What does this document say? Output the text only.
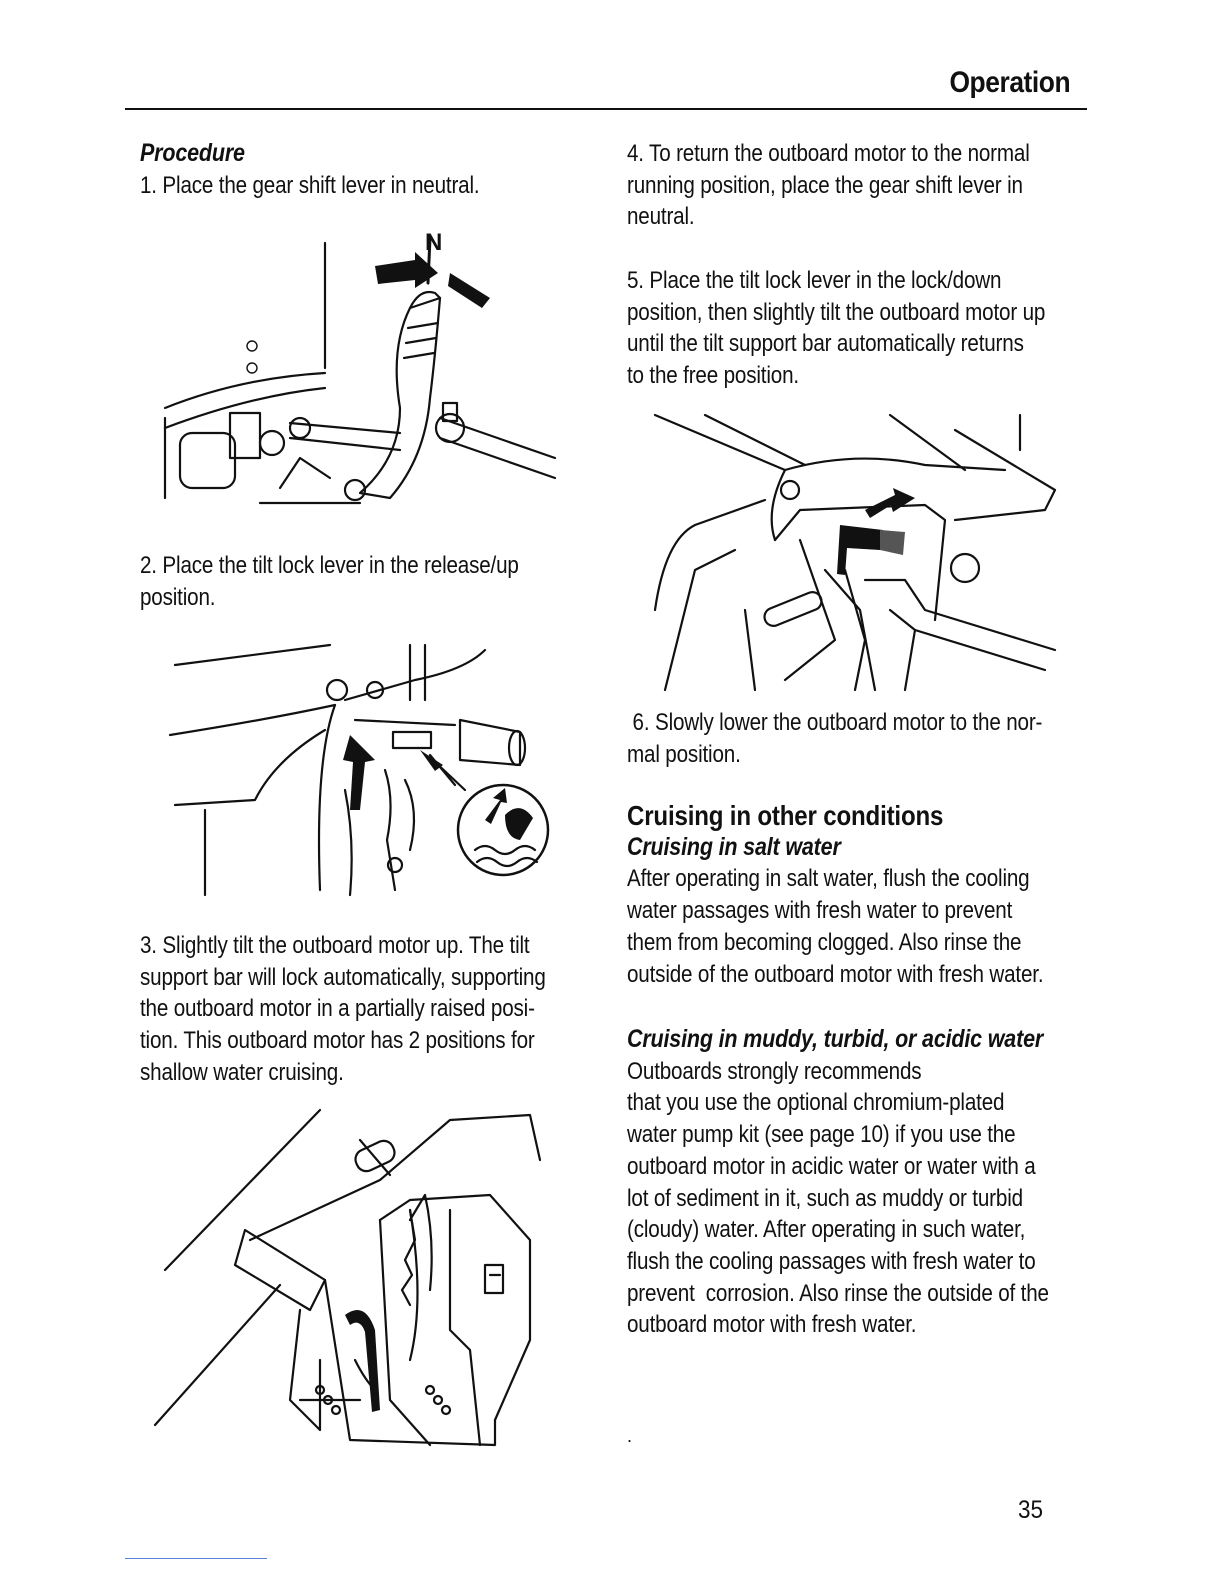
Operation

Procedure

1. Place the gear shift lever in neutral.

N

2. Place the tilt lock lever in the release/up

position.

3. Slightly tilt the outboard motor up. The tilt

support bar will lock automatically, supporting

the outboard motor in a partially raised posi-

tion. This outboard motor has 2 positions for

shallow water cruising.

4. To return the outboard motor to the normal

running position, place the gear shift lever in

neutral.

5. Place the tilt lock lever in the lock/down

position, then slightly tilt the outboard motor up

until the tilt support bar automatically returns

to the free position.

6. Slowly lower the outboard motor to the nor-

mal position.

Cruising in other conditions

Cruising in salt water

After operating in salt water, flush the cooling

water passages with fresh water to prevent

them from becoming clogged. Also rinse the

outside of the outboard motor with fresh water.

Cruising in muddy, turbid, or acidic water

Outboards strongly recommends

that you use the optional chromium-plated

water pump kit (see page 10) if you use the

outboard motor in acidic water or water with a

lot of sediment in it, such as muddy or turbid

(cloudy) water. After operating in such water,

flush the cooling passages with fresh water to

prevent  corrosion. Also rinse the outside of the

outboard motor with fresh water.

.
35
